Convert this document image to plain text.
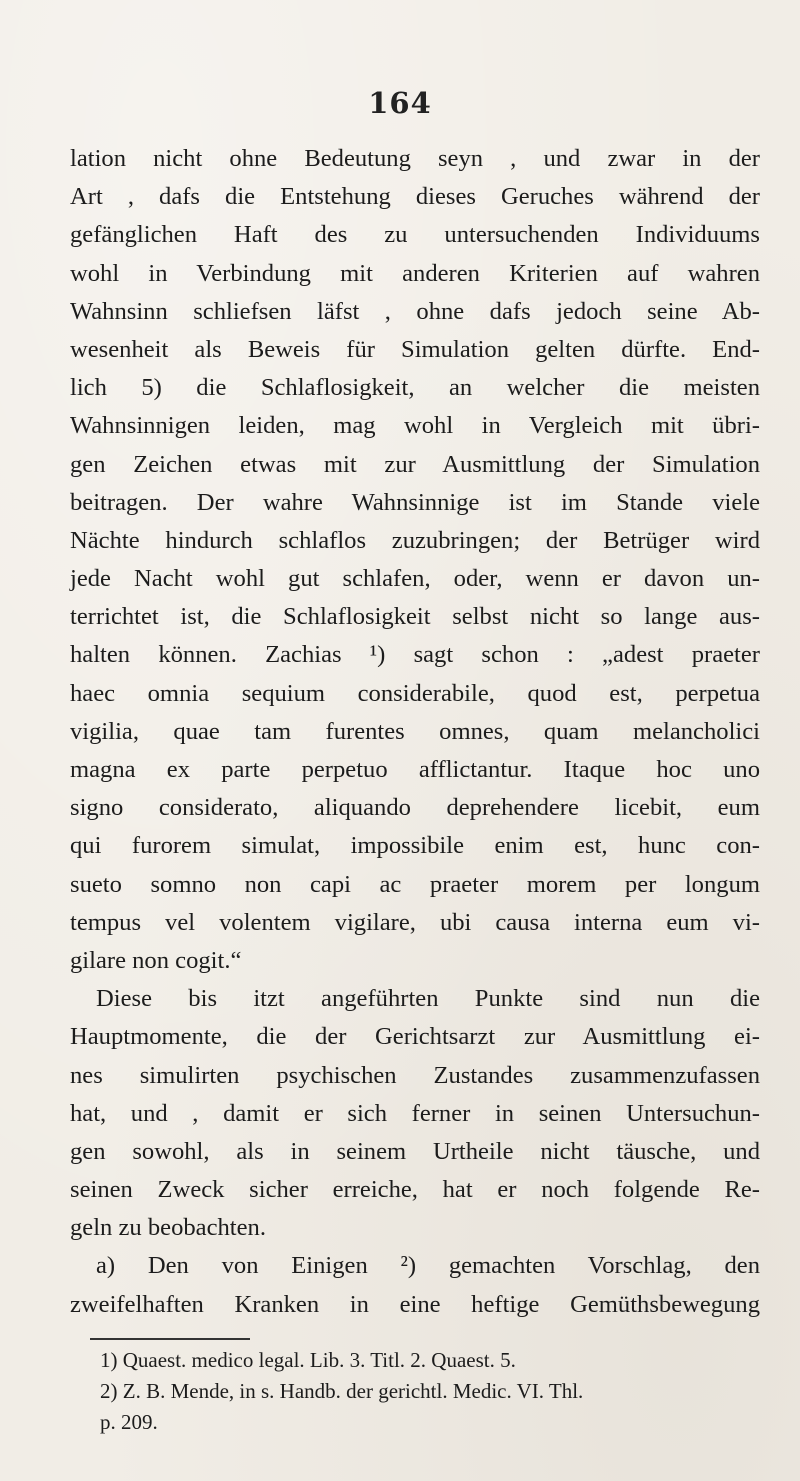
164
lation nicht ohne Bedeutung seyn , und zwar in der
Art , dafs die Entstehung dieses Geruches während der
gefänglichen Haft des zu untersuchenden Individuums
wohl in Verbindung mit anderen Kriterien auf wahren
Wahnsinn schliefsen läfst , ohne dafs jedoch seine Ab-
wesenheit als Beweis für Simulation gelten dürfte. End-
lich 5) die Schlaflosigkeit, an welcher die meisten
Wahnsinnigen leiden, mag wohl in Vergleich mit übri-
gen Zeichen etwas mit zur Ausmittlung der Simulation
beitragen. Der wahre Wahnsinnige ist im Stande viele
Nächte hindurch schlaflos zuzubringen; der Betrüger wird
jede Nacht wohl gut schlafen, oder, wenn er davon un-
terrichtet ist, die Schlaflosigkeit selbst nicht so lange aus-
halten können. Zachias ¹) sagt schon : „adest praeter
haec omnia sequium considerabile, quod est, perpetua
vigilia, quae tam furentes omnes, quam melancholici
magna ex parte perpetuo afflictantur. Itaque hoc uno
signo considerato, aliquando deprehendere licebit, eum
qui furorem simulat, impossibile enim est, hunc con-
sueto somno non capi ac praeter morem per longum
tempus vel volentem vigilare, ubi causa interna eum vi-
gilare non cogit.“
Diese bis itzt angeführten Punkte sind nun die
Hauptmomente, die der Gerichtsarzt zur Ausmittlung ei-
nes simulirten psychischen Zustandes zusammenzufassen
hat, und , damit er sich ferner in seinen Untersuchun-
gen sowohl, als in seinem Urtheile nicht täusche, und
seinen Zweck sicher erreiche, hat er noch folgende Re-
geln zu beobachten.
a) Den von Einigen ²) gemachten Vorschlag, den
zweifelhaften Kranken in eine heftige Gemüthsbewegung
1) Quaest. medico legal. Lib. 3. Titl. 2. Quaest. 5.
2) Z. B. Mende, in s. Handb. der gerichtl. Medic. VI. Thl.
p. 209.
